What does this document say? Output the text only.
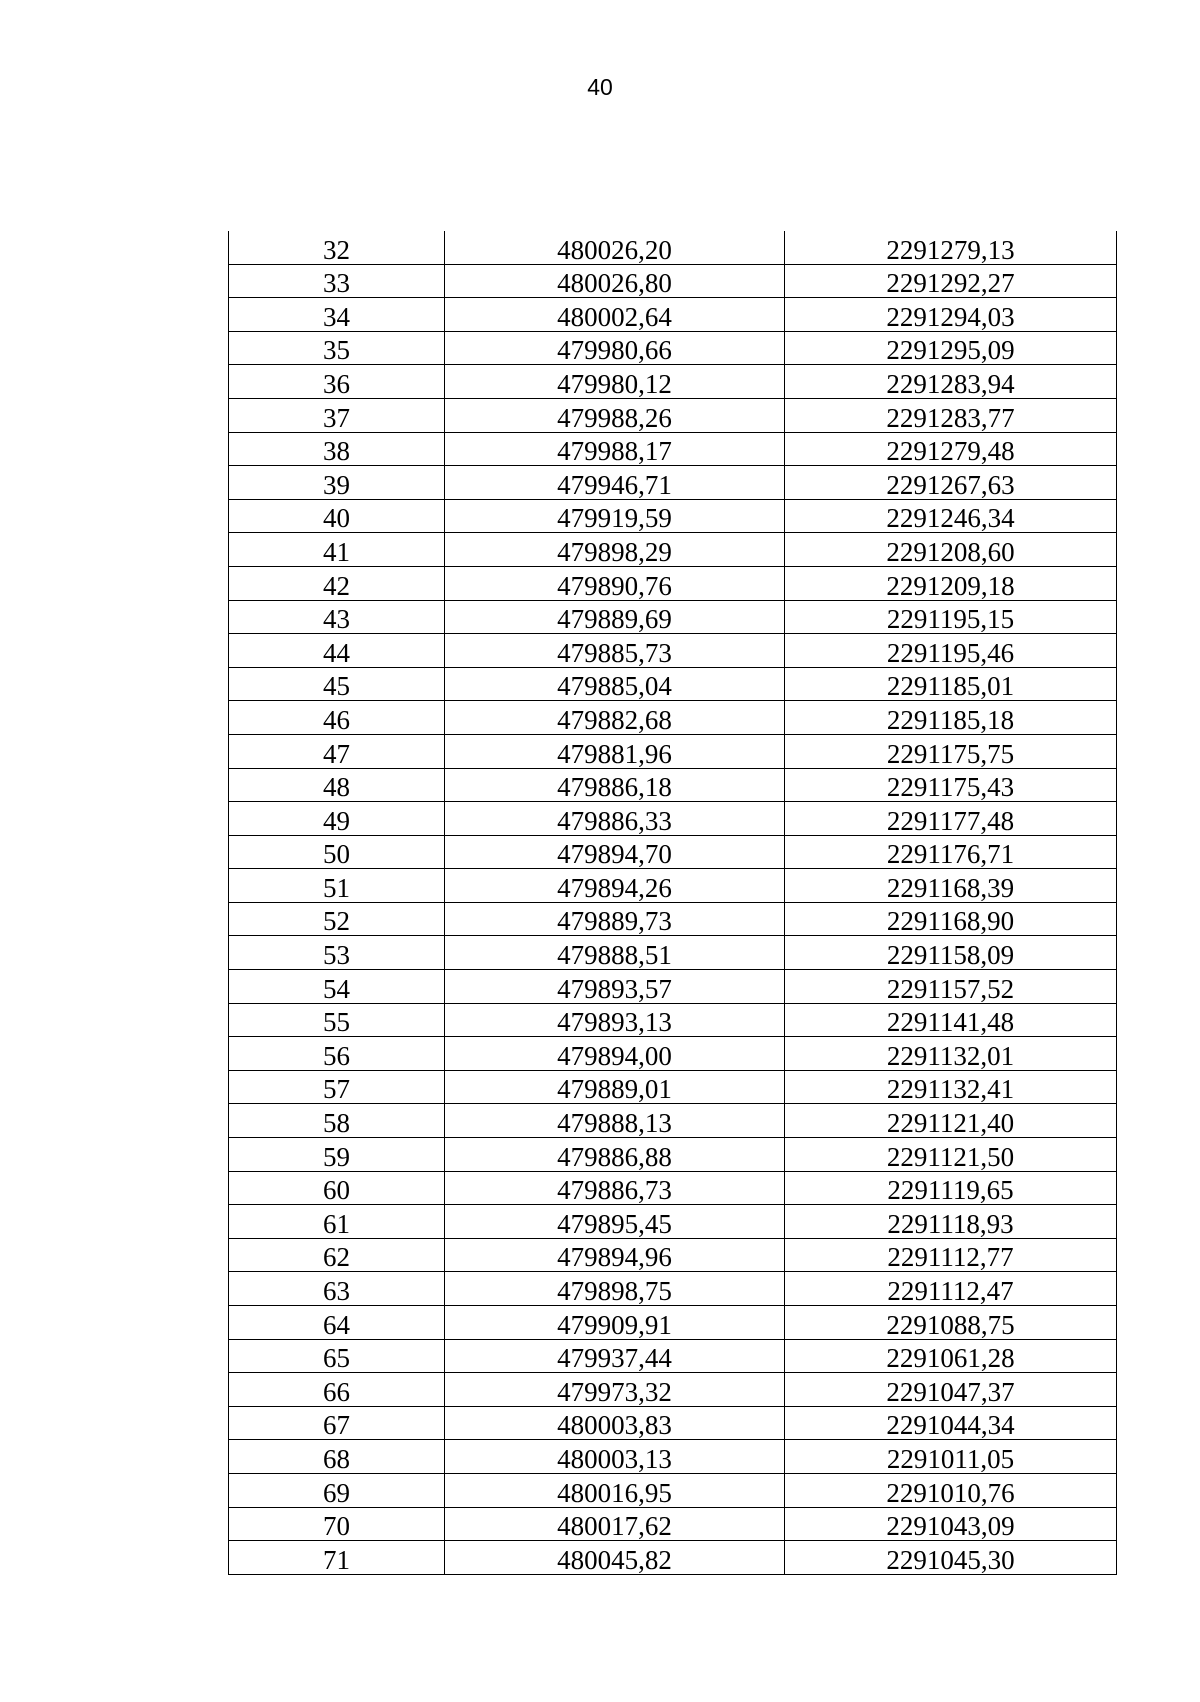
40
32	480026,20	2291279,13
33	480026,80	2291292,27
34	480002,64	2291294,03
35	479980,66	2291295,09
36	479980,12	2291283,94
37	479988,26	2291283,77
38	479988,17	2291279,48
39	479946,71	2291267,63
40	479919,59	2291246,34
41	479898,29	2291208,60
42	479890,76	2291209,18
43	479889,69	2291195,15
44	479885,73	2291195,46
45	479885,04	2291185,01
46	479882,68	2291185,18
47	479881,96	2291175,75
48	479886,18	2291175,43
49	479886,33	2291177,48
50	479894,70	2291176,71
51	479894,26	2291168,39
52	479889,73	2291168,90
53	479888,51	2291158,09
54	479893,57	2291157,52
55	479893,13	2291141,48
56	479894,00	2291132,01
57	479889,01	2291132,41
58	479888,13	2291121,40
59	479886,88	2291121,50
60	479886,73	2291119,65
61	479895,45	2291118,93
62	479894,96	2291112,77
63	479898,75	2291112,47
64	479909,91	2291088,75
65	479937,44	2291061,28
66	479973,32	2291047,37
67	480003,83	2291044,34
68	480003,13	2291011,05
69	480016,95	2291010,76
70	480017,62	2291043,09
71	480045,82	2291045,30
